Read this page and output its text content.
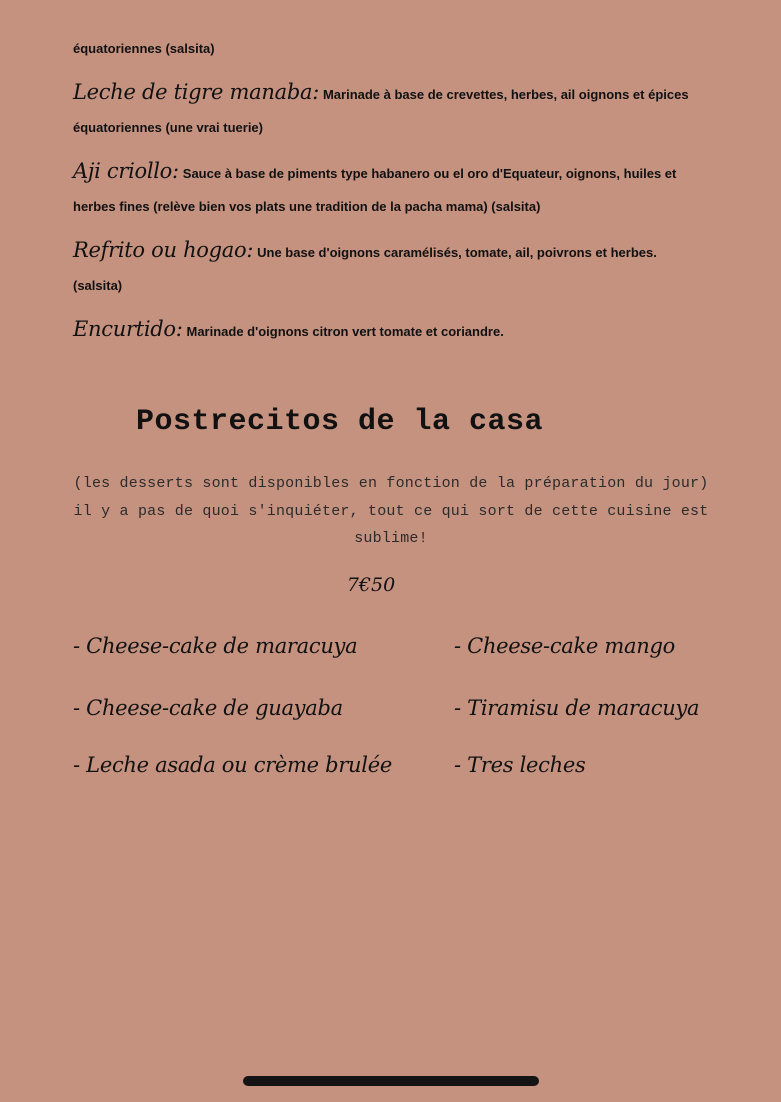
équatoriennes (salsita)
Leche de tigre manaba: Marinade à base de crevettes, herbes, ail oignons et épices
équatoriennes (une vrai tuerie)
Aji criollo: Sauce à base de piments type habanero ou el oro d'Equateur, oignons, huiles et
herbes fines (relève bien vos plats une tradition de la pacha mama) (salsita)
Refrito ou hogao: Une base d'oignons caramélisés, tomate, ail, poivrons et herbes.
(salsita)
Encurtido: Marinade d'oignons citron vert tomate et coriandre.
Postrecitos de la casa
(les desserts sont disponibles en fonction de la préparation du jour)
il y a pas de quoi s'inquiéter, tout ce qui sort de cette cuisine est
sublime!
7€50
- Cheese-cake de maracuya
- Cheese-cake de guayaba
- Leche asada ou crème brulée
- Cheese-cake mango
- Tiramisu de maracuya
- Tres leches
